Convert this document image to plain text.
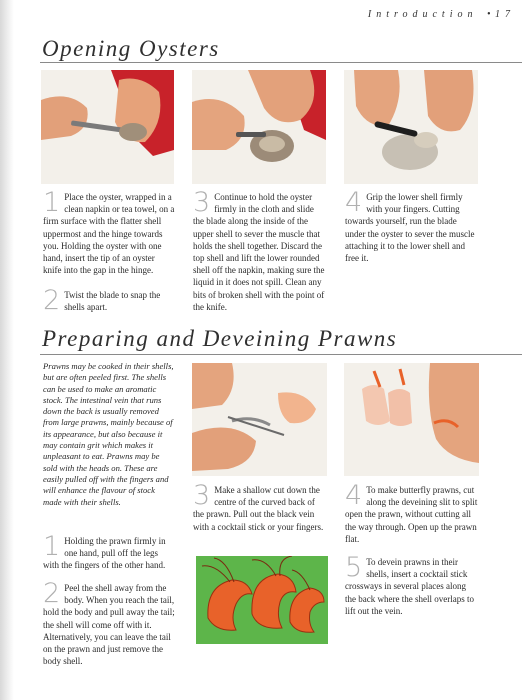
Introduction • 17
Opening Oysters
1 Place the oyster, wrapped in a clean napkin or tea towel, on a firm surface with the flatter shell uppermost and the hinge towards you. Holding the oyster with one hand, insert the tip of an oyster knife into the gap in the hinge.
2 Twist the blade to snap the shells apart.
3 Continue to hold the oyster firmly in the cloth and slide the blade along the inside of the upper shell to sever the muscle that holds the shell together. Discard the top shell and lift the lower rounded shell off the napkin, making sure the liquid in it does not spill. Clean any bits of broken shell with the point of the knife.
4 Grip the lower shell firmly with your fingers. Cutting towards yourself, run the blade under the oyster to sever the muscle attaching it to the lower shell and free it.
Preparing and Deveining Prawns
Prawns may be cooked in their shells, but are often peeled first. The shells can be used to make an aromatic stock. The intestinal vein that runs down the back is usually removed from large prawns, mainly because of its appearance, but also because it may contain grit which makes it unpleasant to eat. Prawns may be sold with the heads on. These are easily pulled off with the fingers and will enhance the flavour of stock made with their shells.
1 Holding the prawn firmly in one hand, pull off the legs with the fingers of the other hand.
2 Peel the shell away from the body. When you reach the tail, hold the body and pull away the tail; the shell will come off with it. Alternatively, you can leave the tail on the prawn and just remove the body shell.
3 Make a shallow cut down the centre of the curved back of the prawn. Pull out the black vein with a cocktail stick or your fingers.
4 To make butterfly prawns, cut along the deveining slit to split open the prawn, without cutting all the way through. Open up the prawn flat.
5 To devein prawns in their shells, insert a cocktail stick crossways in several places along the back where the shell overlaps to lift out the vein.
